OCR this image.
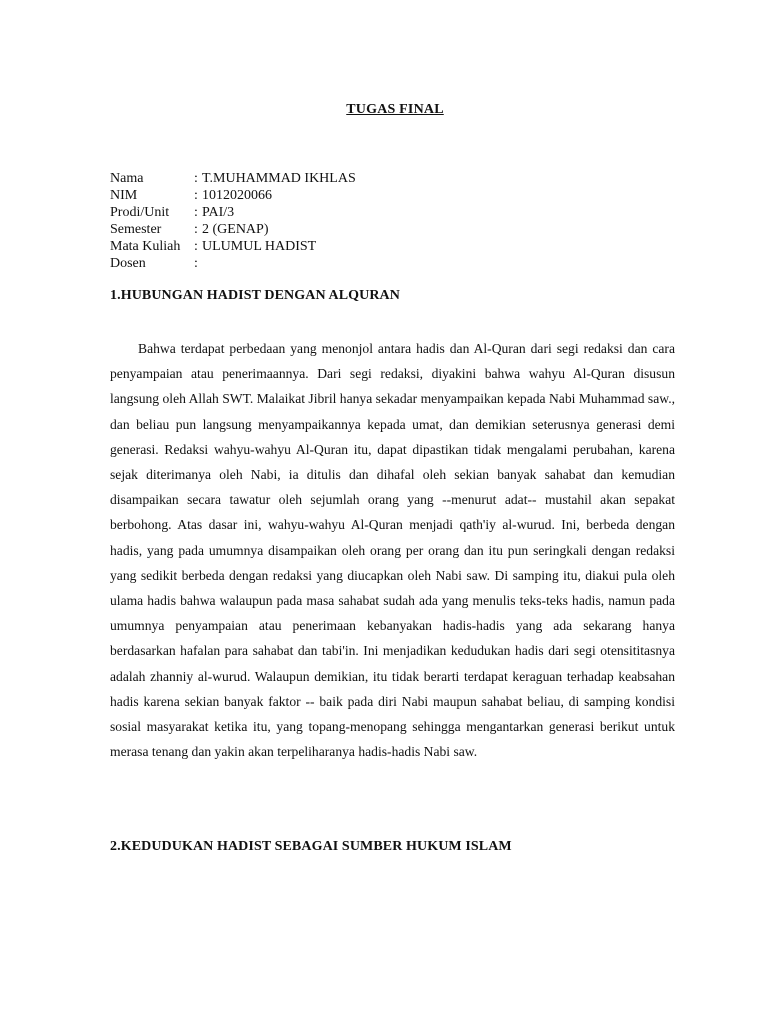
TUGAS FINAL
Nama	: T.MUHAMMAD IKHLAS
NIM	: 1012020066
Prodi/Unit	: PAI/3
Semester	: 2 (GENAP)
Mata Kuliah : ULUMUL HADIST
Dosen	:
1.HUBUNGAN HADIST DENGAN ALQURAN

Bahwa terdapat perbedaan yang menonjol antara hadis dan Al-Quran dari segi redaksi dan cara penyampaian atau penerimaannya. Dari segi redaksi, diyakini bahwa wahyu Al-Quran disusun langsung oleh Allah SWT. Malaikat Jibril hanya sekadar menyampaikan kepada Nabi Muhammad saw., dan beliau pun langsung menyampaikannya kepada umat, dan demikian seterusnya generasi demi generasi. Redaksi wahyu-wahyu Al-Quran itu, dapat dipastikan tidak mengalami perubahan, karena sejak diterimanya oleh Nabi, ia ditulis dan dihafal oleh sekian banyak sahabat dan kemudian disampaikan secara tawatur oleh sejumlah orang yang --menurut adat-- mustahil akan sepakat berbohong. Atas dasar ini, wahyu-wahyu Al-Quran menjadi qath'iy al-wurud. Ini, berbeda dengan hadis, yang pada umumnya disampaikan oleh orang per orang dan itu pun seringkali dengan redaksi yang sedikit berbeda dengan redaksi yang diucapkan oleh Nabi saw. Di samping itu, diakui pula oleh ulama hadis bahwa walaupun pada masa sahabat sudah ada yang menulis teks-teks hadis, namun pada umumnya penyampaian atau penerimaan kebanyakan hadis-hadis yang ada sekarang hanya berdasarkan hafalan para sahabat dan tabi'in. Ini menjadikan kedudukan hadis dari segi otensititasnya adalah zhanniy al-wurud. Walaupun demikian, itu tidak berarti terdapat keraguan terhadap keabsahan hadis karena sekian banyak faktor -- baik pada diri Nabi maupun sahabat beliau, di samping kondisi sosial masyarakat ketika itu, yang topang-menopang sehingga mengantarkan generasi berikut untuk merasa tenang dan yakin akan terpeliharanya hadis-hadis Nabi saw.

2.KEDUDUKAN HADIST SEBAGAI SUMBER HUKUM ISLAM
